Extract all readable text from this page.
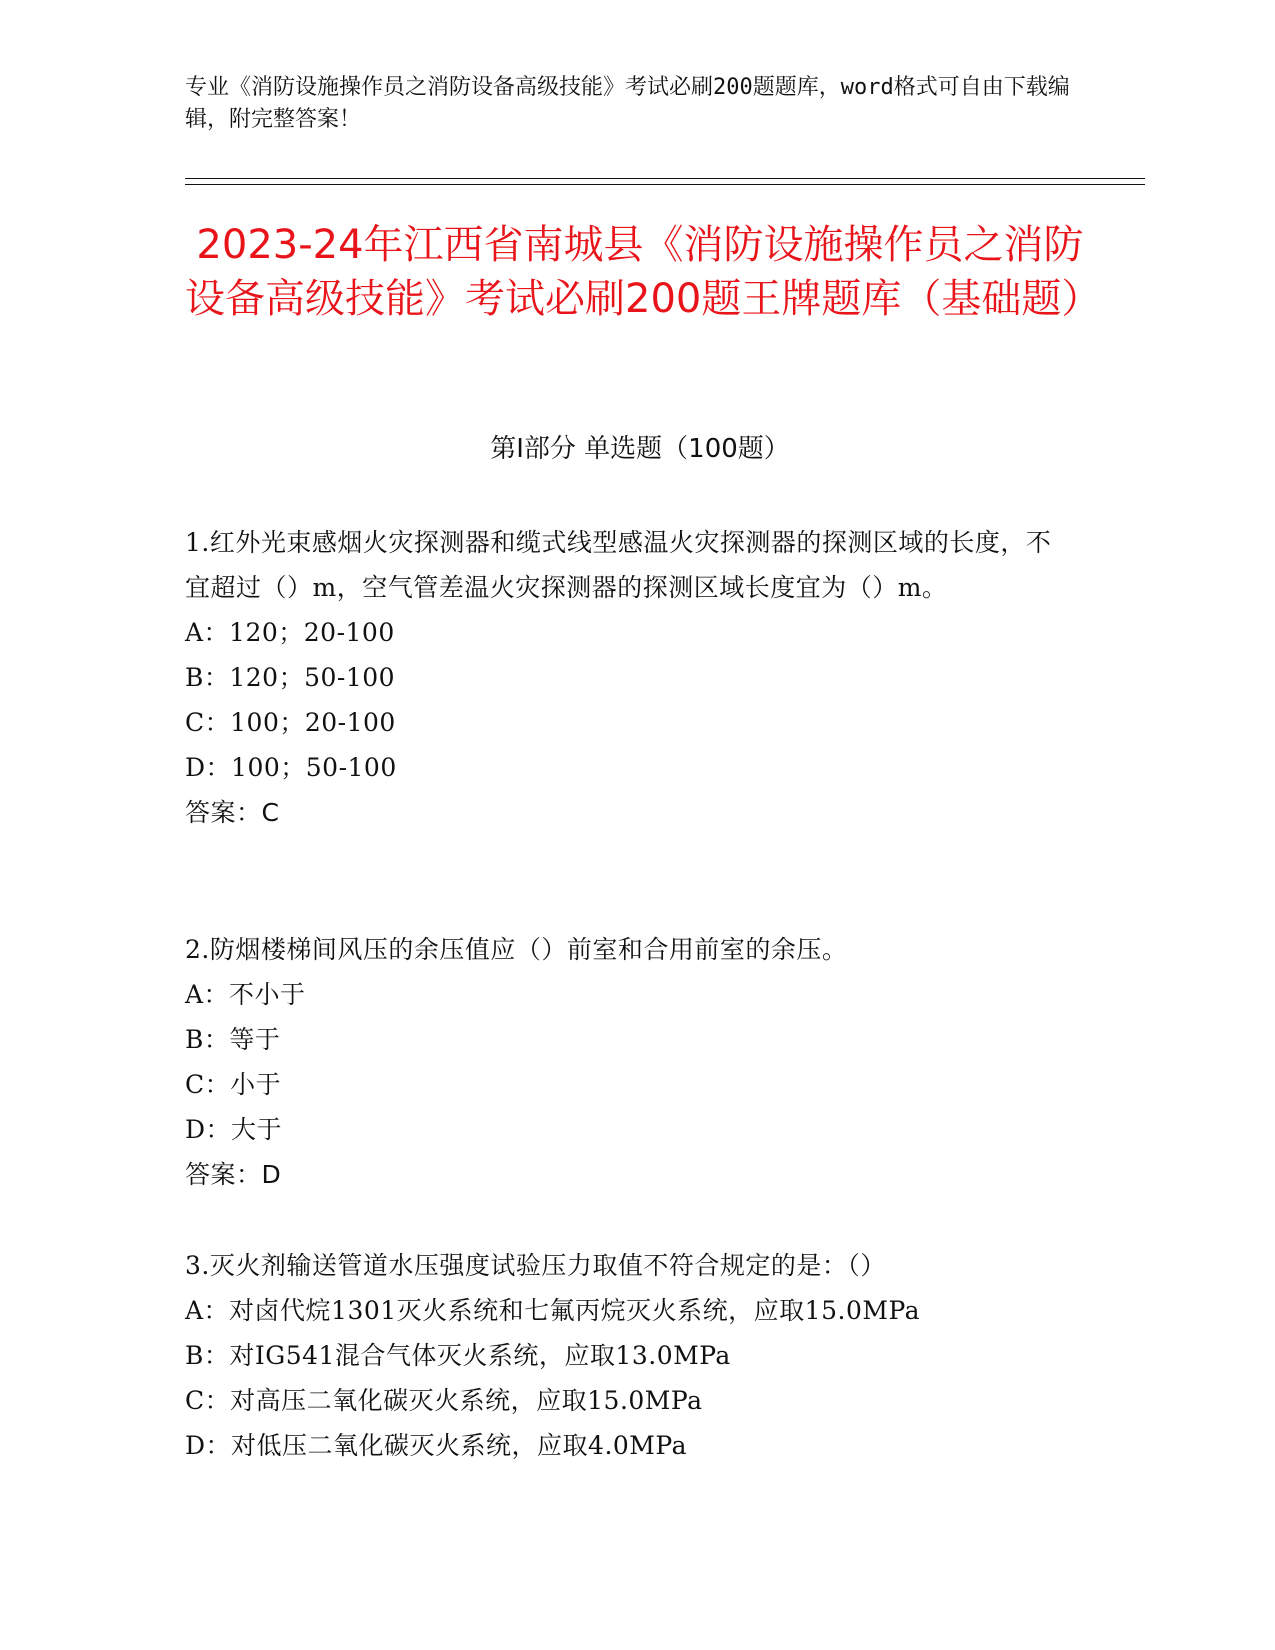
专业《消防设施操作员之消防设备高级技能》考试必刷200题题库，word格式可自由下载编辑，附完整答案！
2023-24年江西省南城县《消防设施操作员之消防设备高级技能》考试必刷200题王牌题库（基础题）
第I部分 单选题（100题）
1.红外光束感烟火灾探测器和缆式线型感温火灾探测器的探测区域的长度，不宜超过（）m，空气管差温火灾探测器的探测区域长度宜为（）m。
A：120；20-100
B：120；50-100
C：100；20-100
D：100；50-100
答案：C
2.防烟楼梯间风压的余压值应（）前室和合用前室的余压。
A：不小于
B：等于
C：小于
D：大于
答案：D
3.灭火剂输送管道水压强度试验压力取值不符合规定的是：（）
A：对卤代烷1301灭火系统和七氟丙烷灭火系统，应取15.0MPa
B：对IG541混合气体灭火系统，应取13.0MPa
C：对高压二氧化碳灭火系统，应取15.0MPa
D：对低压二氧化碳灭火系统，应取4.0MPa
